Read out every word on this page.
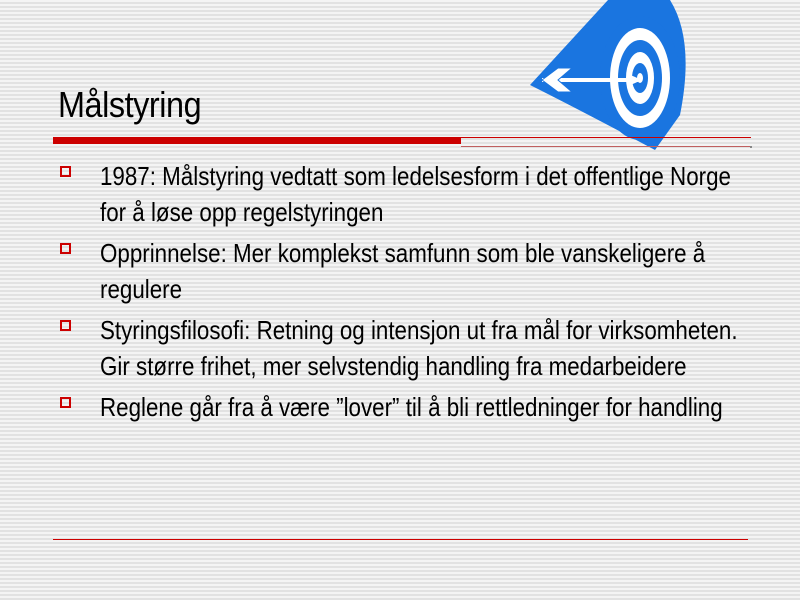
Målstyring
1987: Målstyring vedtatt som ledelsesform i det offentlige Norge for å løse opp regelstyringen
Opprinnelse: Mer komplekst samfunn som ble vanskeligere å regulere
Styringsfilosofi: Retning og intensjon ut fra mål for virksomheten. Gir større frihet, mer selvstendig handling fra medarbeidere
Reglene går fra å være ”lover” til å bli rettledninger for handling
